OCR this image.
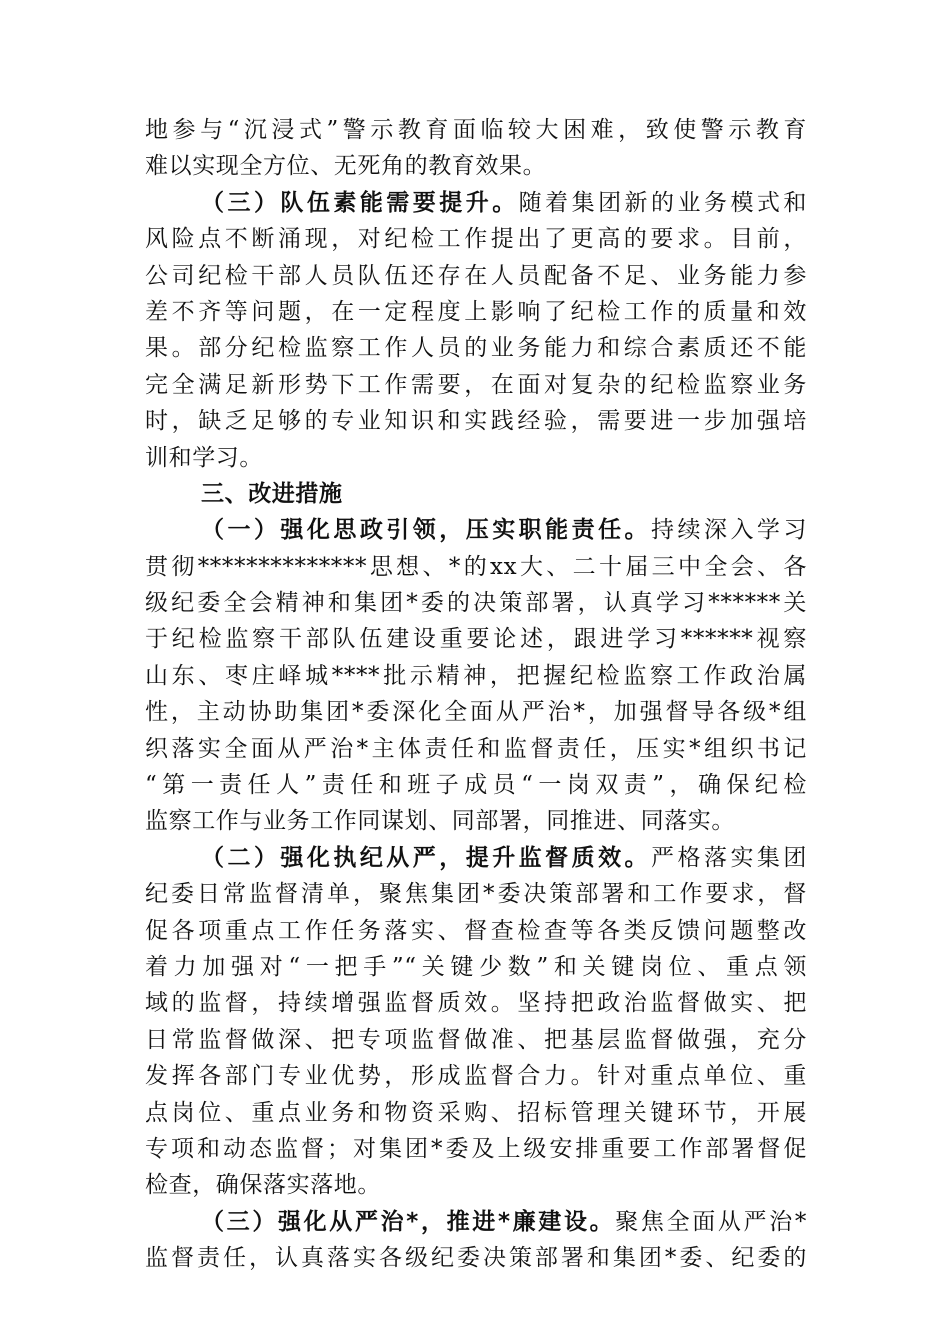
地参与“沉浸式”警示教育面临较大困难，致使警示教育
难以实现全方位、无死角的教育效果。
（三）队伍素能需要提升。随着集团新的业务模式和
风险点不断涌现，对纪检工作提出了更高的要求。目前，
公司纪检干部人员队伍还存在人员配备不足、业务能力参
差不齐等问题，在一定程度上影响了纪检工作的质量和效
果。部分纪检监察工作人员的业务能力和综合素质还不能
完全满足新形势下工作需要，在面对复杂的纪检监察业务
时，缺乏足够的专业知识和实践经验，需要进一步加强培
训和学习。
三、改进措施
（一）强化思政引领，压实职能责任。持续深入学习
贯彻**************思想、*的xx大、二十届三中全会、各
级纪委全会精神和集团*委的决策部署，认真学习******关
于纪检监察干部队伍建设重要论述，跟进学习******视察
山东、枣庄峄城****批示精神，把握纪检监察工作政治属
性，主动协助集团*委深化全面从严治*，加强督导各级*组
织落实全面从严治*主体责任和监督责任，压实*组织书记
“第一责任人”责任和班子成员“一岗双责”，确保纪检
监察工作与业务工作同谋划、同部署，同推进、同落实。
（二）强化执纪从严，提升监督质效。严格落实集团
纪委日常监督清单，聚焦集团*委决策部署和工作要求，督
促各项重点工作任务落实、督查检查等各类反馈问题整改
着力加强对“一把手”“关键少数”和关键岗位、重点领
域的监督，持续增强监督质效。坚持把政治监督做实、把
日常监督做深、把专项监督做准、把基层监督做强，充分
发挥各部门专业优势，形成监督合力。针对重点单位、重
点岗位、重点业务和物资采购、招标管理关键环节，开展
专项和动态监督；对集团*委及上级安排重要工作部署督促
检查，确保落实落地。
（三）强化从严治*，推进*廉建设。聚焦全面从严治*
监督责任，认真落实各级纪委决策部署和集团*委、纪委的
